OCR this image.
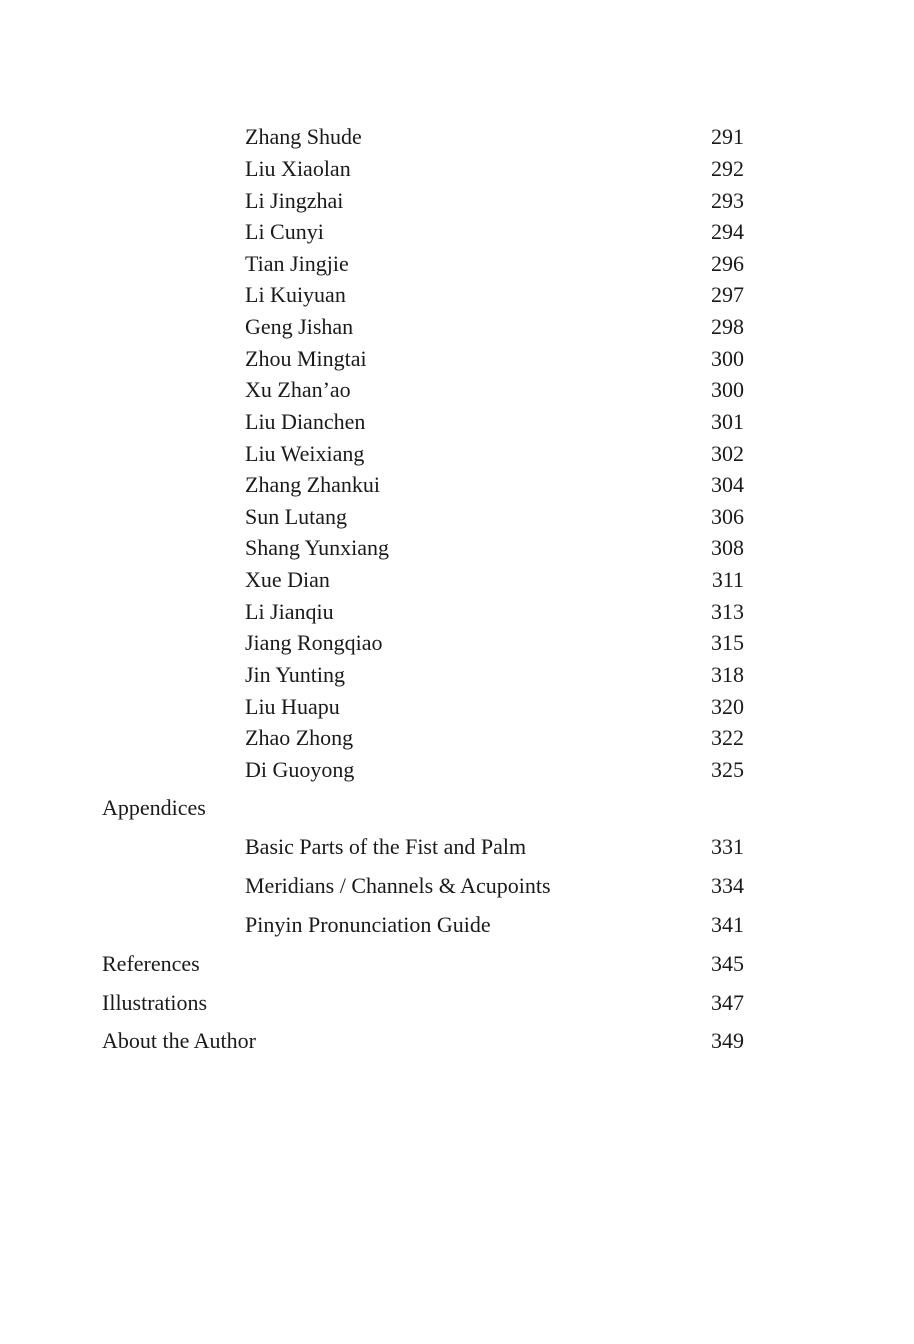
Zhang Shude	291
Liu Xiaolan	292
Li Jingzhai	293
Li Cunyi	294
Tian Jingjie	296
Li Kuiyuan	297
Geng Jishan	298
Zhou Mingtai	300
Xu Zhan’ao	300
Liu Dianchen	301
Liu Weixiang	302
Zhang Zhankui	304
Sun Lutang	306
Shang Yunxiang	308
Xue Dian	311
Li Jianqiu	313
Jiang Rongqiao	315
Jin Yunting	318
Liu Huapu	320
Zhao Zhong	322
Di Guoyong	325
Appendices
Basic Parts of the Fist and Palm	331
Meridians / Channels & Acupoints	334
Pinyin Pronunciation Guide	341
References	345
Illustrations	347
About the Author	349
